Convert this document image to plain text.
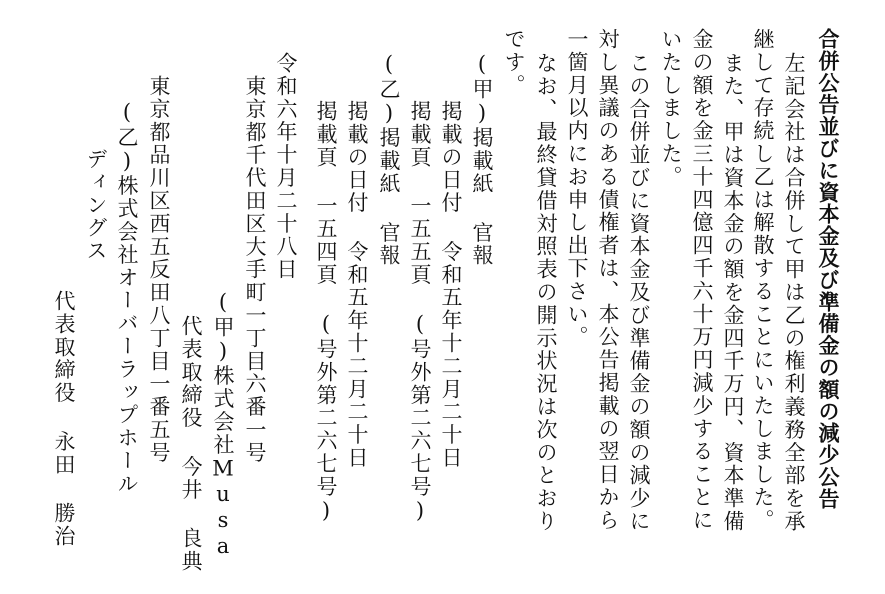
合併公告並びに資本金及び準備金の額の減少公告
左記会社は合併して甲は乙の権利義務全部を承
継して存続し乙は解散することにいたしました。
また、甲は資本金の額を金四千万円、資本準備
金の額を金三十四億四千六十万円減少することに
いたしました。
この合併並びに資本金及び準備金の額の減少に
対し異議のある債権者は、本公告掲載の翌日から
一箇月以内にお申し出下さい。
なお、最終貸借対照表の開示状況は次のとおり
です。
(甲)掲載紙 官報
掲載の日付 令和五年十二月二十日
掲載頁 一五五頁 (号外第二六七号)
(乙)掲載紙 官報
掲載の日付 令和五年十二月二十日
掲載頁 一五四頁 (号外第二六七号)
令和六年十月二十八日
東京都千代田区大手町一丁目六番一号
(甲)株式会社Musa
代表取締役 今井 良典
東京都品川区西五反田八丁目一番五号
(乙)株式会社オーバーラップホール
ディングス
代表取締役 永田 勝治
